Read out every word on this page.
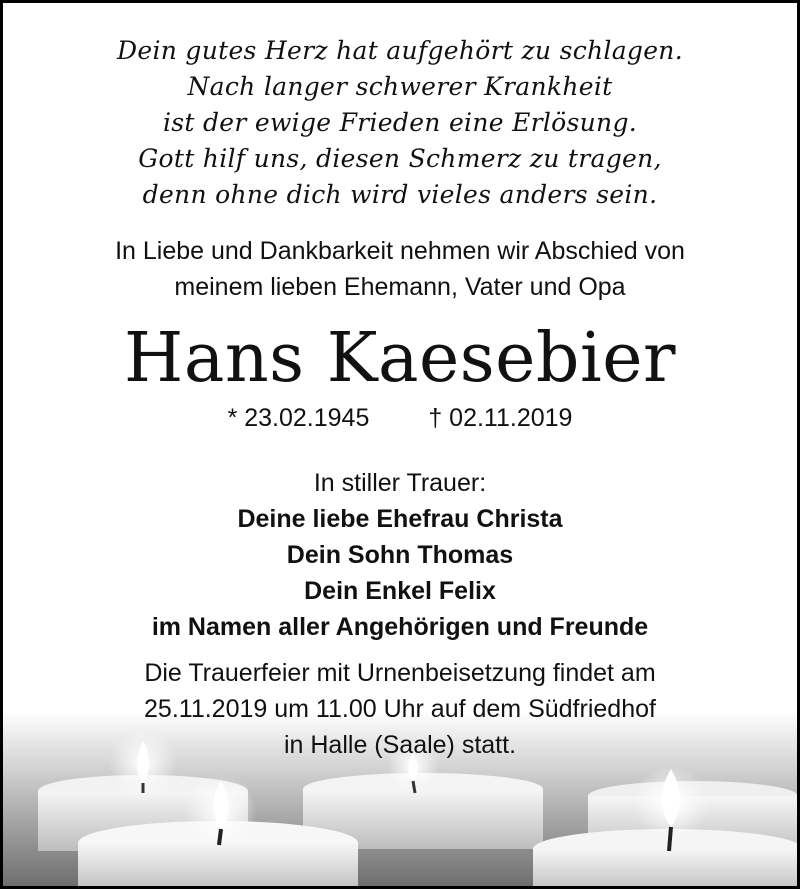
Dein gutes Herz hat aufgehört zu schlagen.
Nach langer schwerer Krankheit
ist der ewige Frieden eine Erlösung.
Gott hilf uns, diesen Schmerz zu tragen,
denn ohne dich wird vieles anders sein.
In Liebe und Dankbarkeit nehmen wir Abschied von
meinem lieben Ehemann, Vater und Opa
Hans Kaesebier
* 23.02.1945 † 02.11.2019
In stiller Trauer:
Deine liebe Ehefrau Christa
Dein Sohn Thomas
Dein Enkel Felix
im Namen aller Angehörigen und Freunde
Die Trauerfeier mit Urnenbeisetzung findet am
25.11.2019 um 11.00 Uhr auf dem Südfriedhof
in Halle (Saale) statt.
